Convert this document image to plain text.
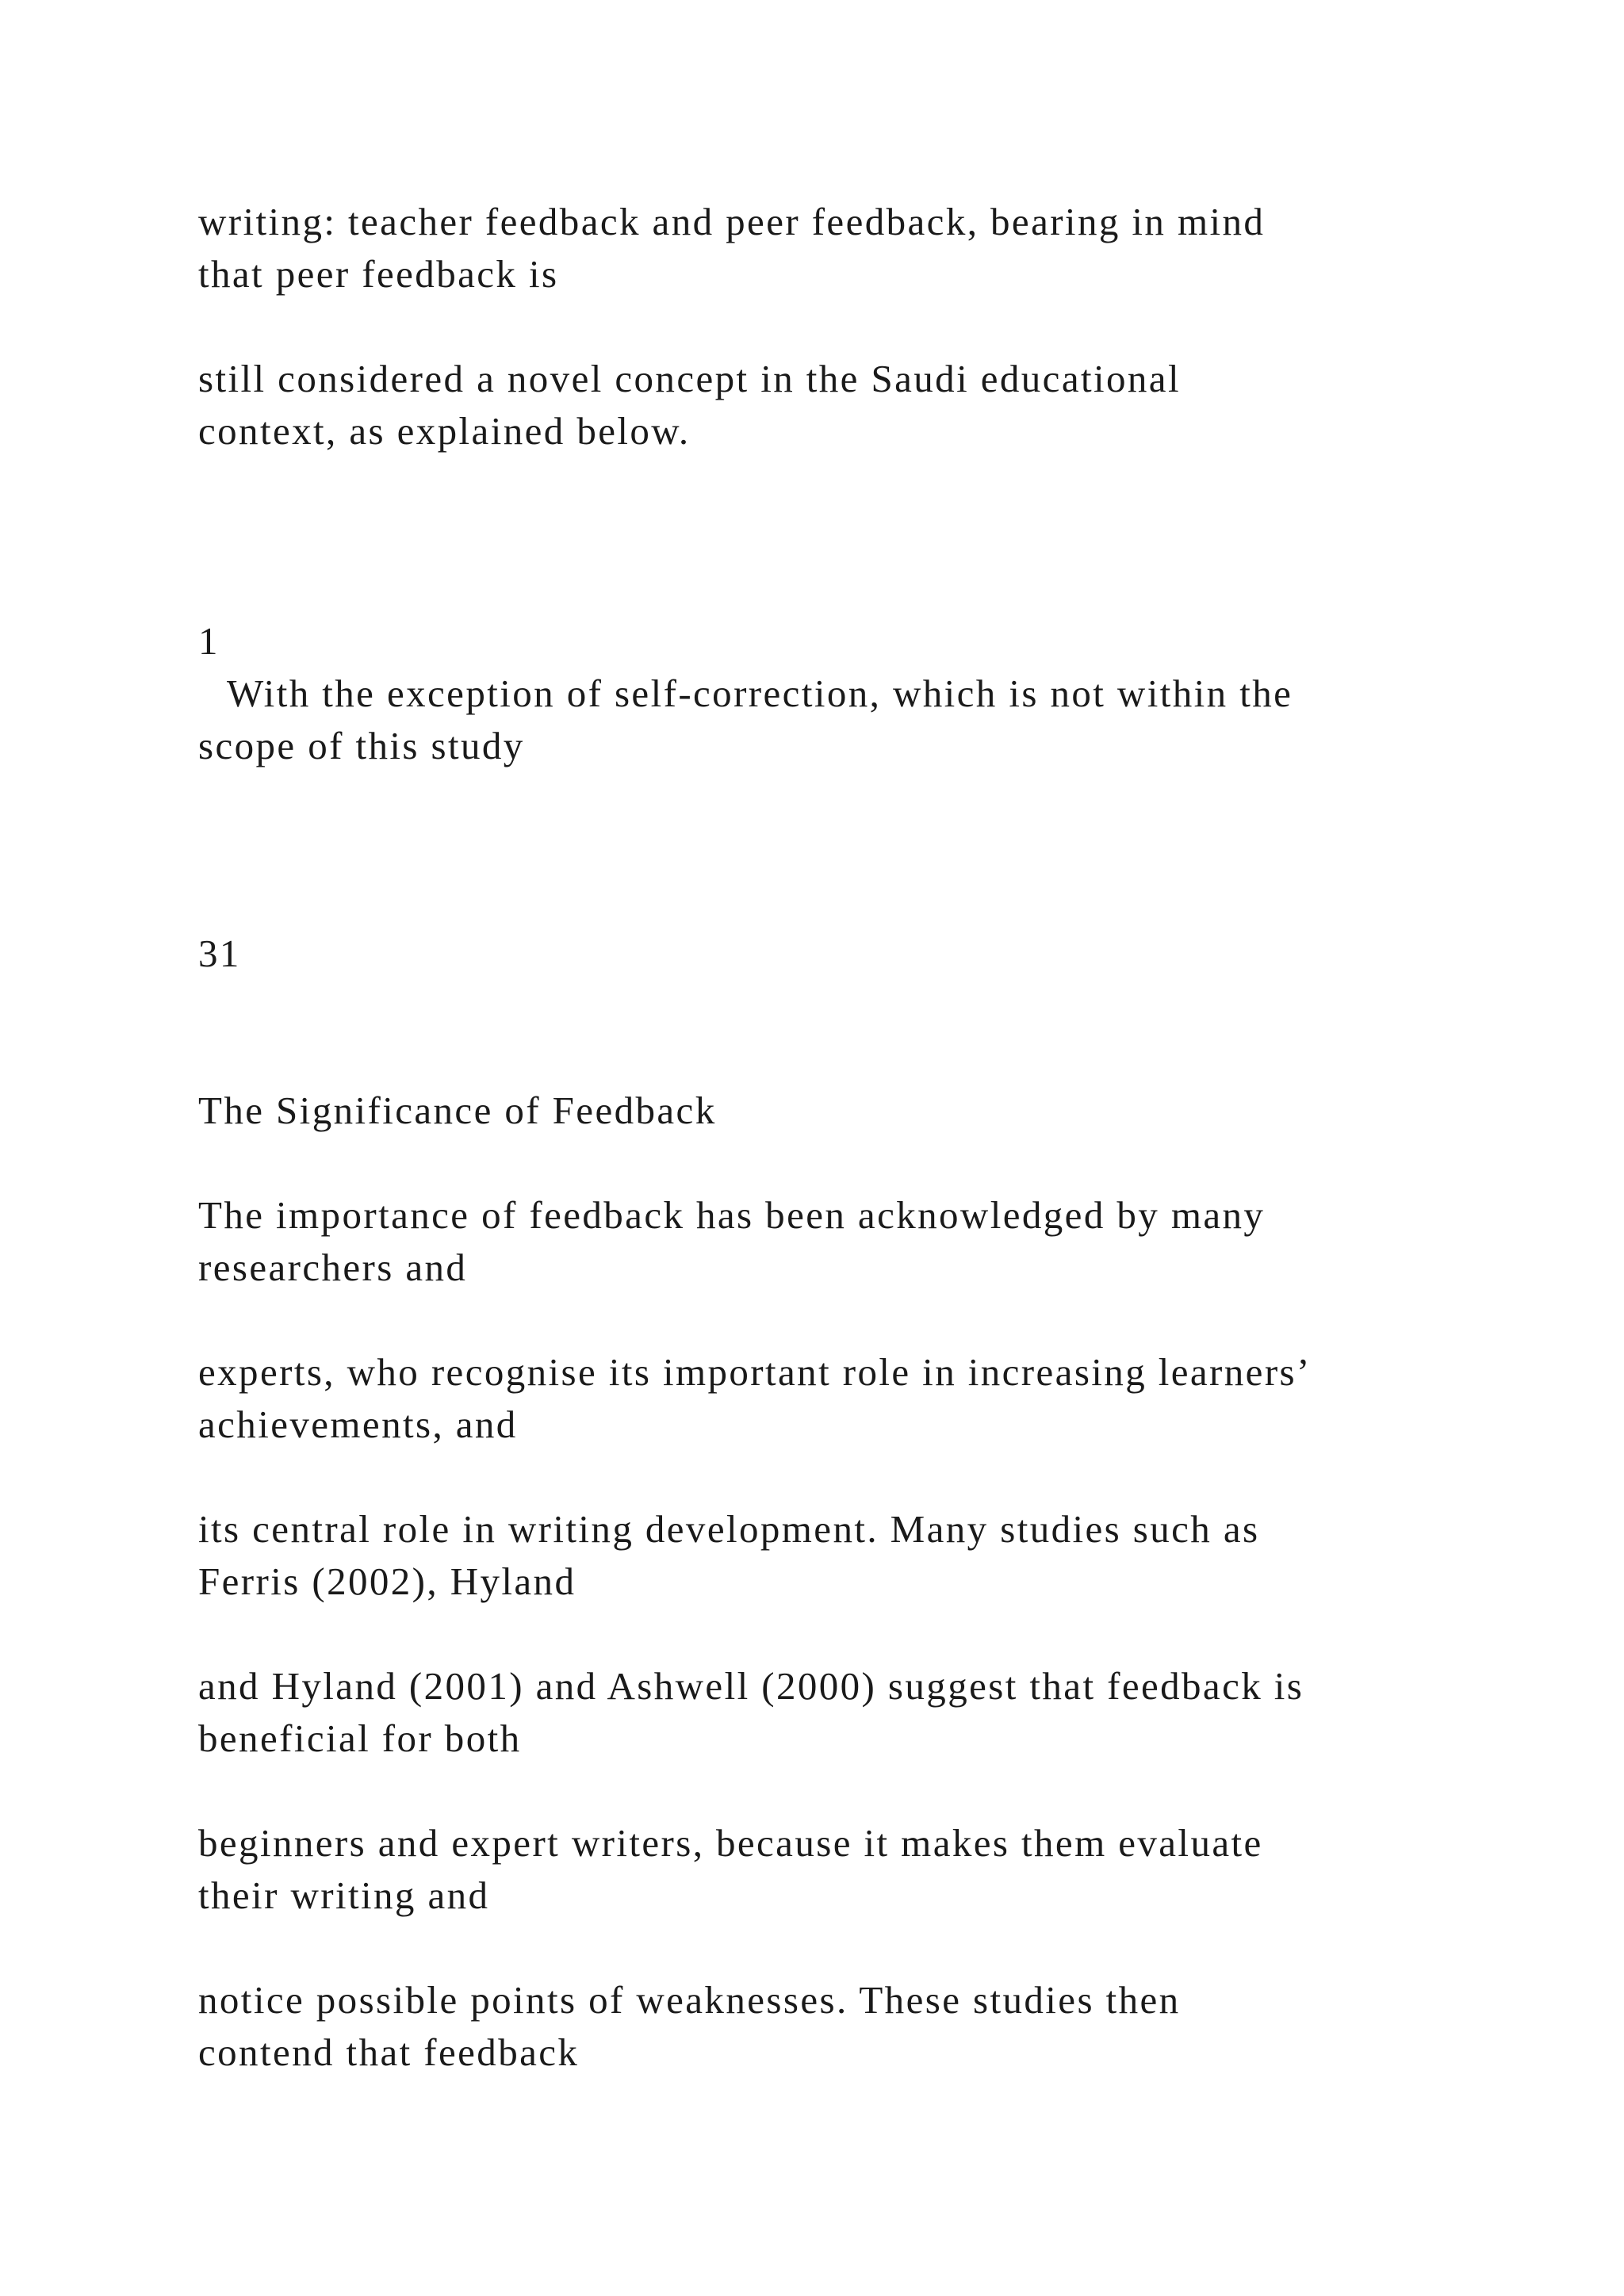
writing: teacher feedback and peer feedback, bearing in mind
that peer feedback is
still considered a novel concept in the Saudi educational
context, as explained below.
1
With the exception of self-correction, which is not within the
scope of this study
31
The Significance of Feedback
The importance of feedback has been acknowledged by many
researchers and
experts, who recognise its important role in increasing learners’
achievements, and
its central role in writing development. Many studies such as
Ferris (2002), Hyland
and Hyland (2001) and Ashwell (2000) suggest that feedback is
beneficial for both
beginners and expert writers, because it makes them evaluate
their writing and
notice possible points of weaknesses. These studies then
contend that feedback
